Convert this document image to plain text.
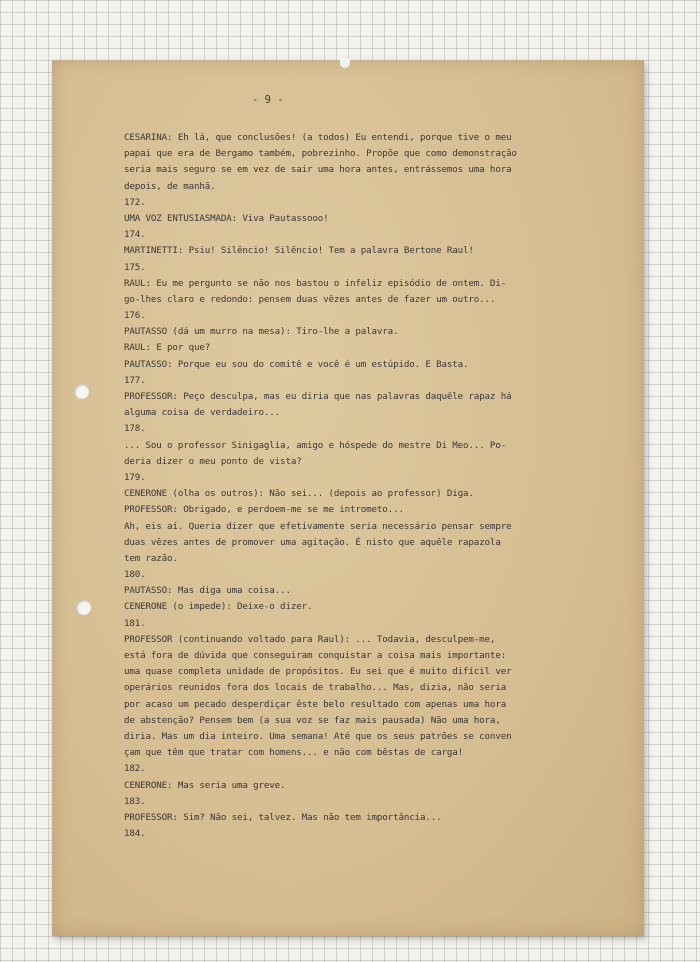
- 9 -
CESARINA: Eh lá, que conclusões! (a todos) Eu entendi, porque tive o meu
papai que era de Bergamo também, pobrezinho. Propõe que como demonstração
seria mais seguro se em vez de sair uma hora antes, entrássemos uma hora
depois, de manhã.
172.
UMA VOZ ENTUSIASMADA: Viva Pautassooo!
174.
MARTINETTI: Psiu! Silêncio! Silêncio! Tem a palavra Bertone Raul!
175.
RAUL: Eu me pergunto se não nos bastou o infeliz episódio de ontem. Di-
go-lhes claro e redondo: pensem duas vêzes antes de fazer um outro...
176.
PAUTASSO (dá um murro na mesa): Tiro-lhe a palavra.
RAUL: E por que?
PAUTASSO: Porque eu sou do comitê e você é um estúpido. E Basta.
177.
PROFESSOR: Peço desculpa, mas eu diria que nas palavras daquêle rapaz há
alguma coisa de verdadeiro...
178.
... Sou o professor Sinigaglia, amigo e hóspede do mestre Di Meo... Po-
deria dizer o meu ponto de vista?
179.
CENERONE (olha os outros): Não sei... (depois ao professor) Diga.
PROFESSOR: Obrigado, e perdoem-me se me intrometo...
Ah, eis aí. Queria dizer que efetivamente seria necessário pensar sempre
duas vêzes antes de promover uma agitação. É nisto que aquêle rapazola
tem razão.
180.
PAUTASSO: Mas diga uma coisa...
CENERONE (o impede): Deixe-o dizer.
181.
PROFESSOR (continuando voltado para Raul): ... Todavia, desculpem-me,
está fora de dúvida que conseguiram conquistar a coisa mais importante:
uma quase completa unidade de propósitos. Eu sei que é muito difícil ver
operários reunidos fora dos locais de trabalho... Mas, dizia, não seria
por acaso um pecado desperdiçar êste belo resultado com apenas uma hora
de abstenção? Pensem bem (a sua voz se faz mais pausada) Não uma hora,
diria. Mas um dia inteiro. Uma semana! Até que os seus patrões se conven
çam que têm que tratar com homens... e não com bêstas de carga!
182.
CENERONE: Mas seria uma greve.
183.
PROFESSOR: Sim? Não sei, talvez. Mas não tem importância...
184.
